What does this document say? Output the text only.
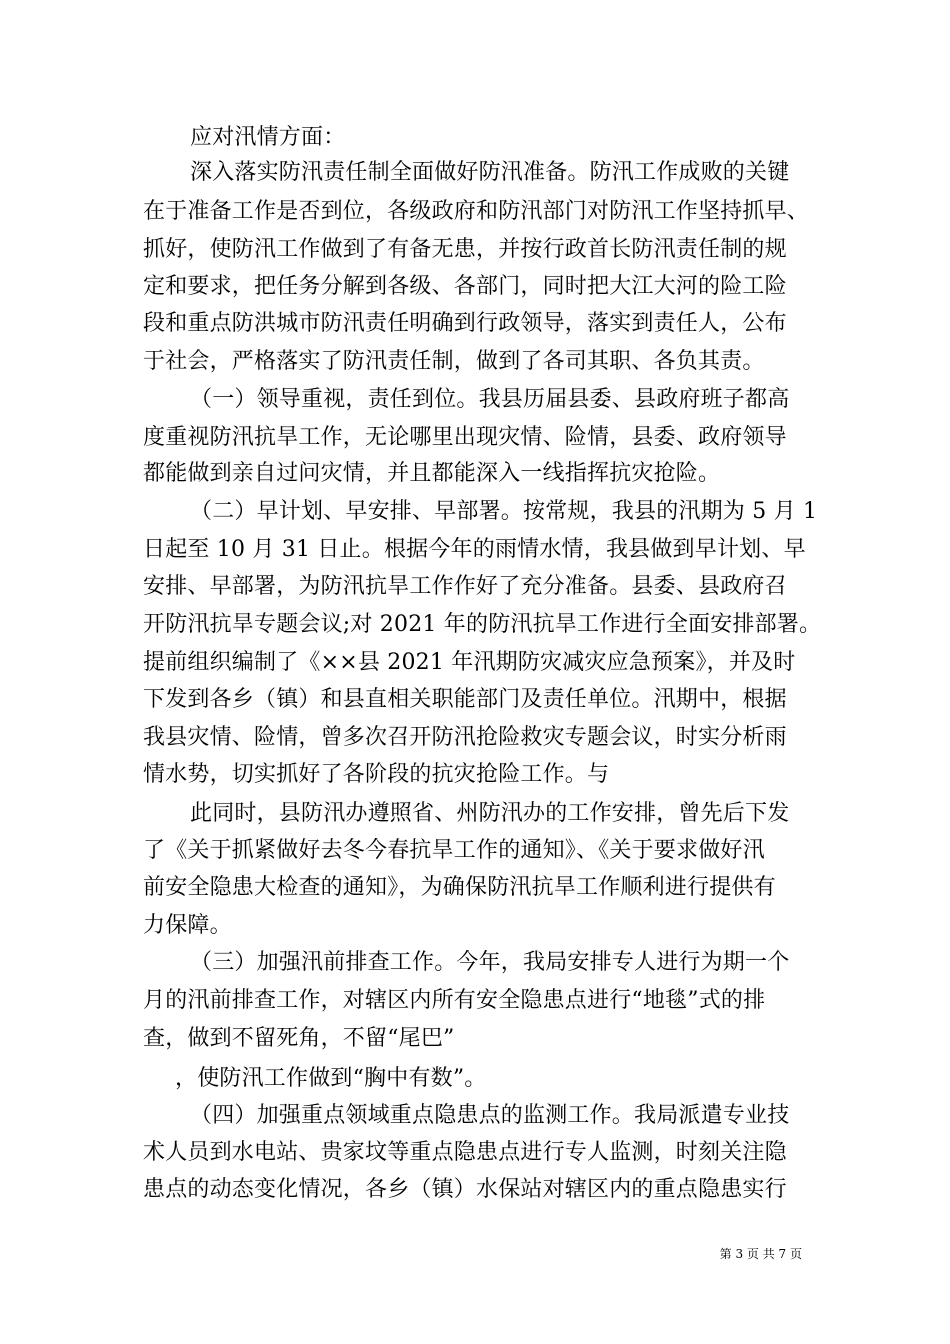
应对汛情方面：
深入落实防汛责任制全面做好防汛准备。防汛工作成败的关键
在于准备工作是否到位，各级政府和防汛部门对防汛工作坚持抓早、
抓好，使防汛工作做到了有备无患，并按行政首长防汛责任制的规
定和要求，把任务分解到各级、各部门，同时把大江大河的险工险
段和重点防洪城市防汛责任明确到行政领导，落实到责任人，公布
于社会，严格落实了防汛责任制，做到了各司其职、各负其责。
（一）领导重视，责任到位。我县历届县委、县政府班子都高
度重视防汛抗旱工作，无论哪里出现灾情、险情，县委、政府领导
都能做到亲自过问灾情，并且都能深入一线指挥抗灾抢险。
（二）早计划、早安排、早部署。按常规，我县的汛期为 5 月 1
日起至 10 月 31 日止。根据今年的雨情水情，我县做到早计划、早
安排、早部署，为防汛抗旱工作作好了充分准备。县委、县政府召
开防汛抗旱专题会议;对 2021 年的防汛抗旱工作进行全面安排部署。
提前组织编制了《××县 2021 年汛期防灾减灾应急预案》，并及时
下发到各乡（镇）和县直相关职能部门及责任单位。汛期中，根据
我县灾情、险情，曾多次召开防汛抢险救灾专题会议，时实分析雨
情水势，切实抓好了各阶段的抗灾抢险工作。与
此同时，县防汛办遵照省、州防汛办的工作安排，曾先后下发
了《关于抓紧做好去冬今春抗旱工作的通知》、《关于要求做好汛
前安全隐患大检查的通知》，为确保防汛抗旱工作顺利进行提供有
力保障。
（三）加强汛前排查工作。今年，我局安排专人进行为期一个
月的汛前排查工作，对辖区内所有安全隐患点进行“地毯”式的排
查，做到不留死角，不留“尾巴”
，使防汛工作做到“胸中有数”。
（四）加强重点领域重点隐患点的监测工作。我局派遣专业技
术人员到水电站、贵家坟等重点隐患点进行专人监测，时刻关注隐
患点的动态变化情况，各乡（镇）水保站对辖区内的重点隐患实行
第 3 页 共 7 页
